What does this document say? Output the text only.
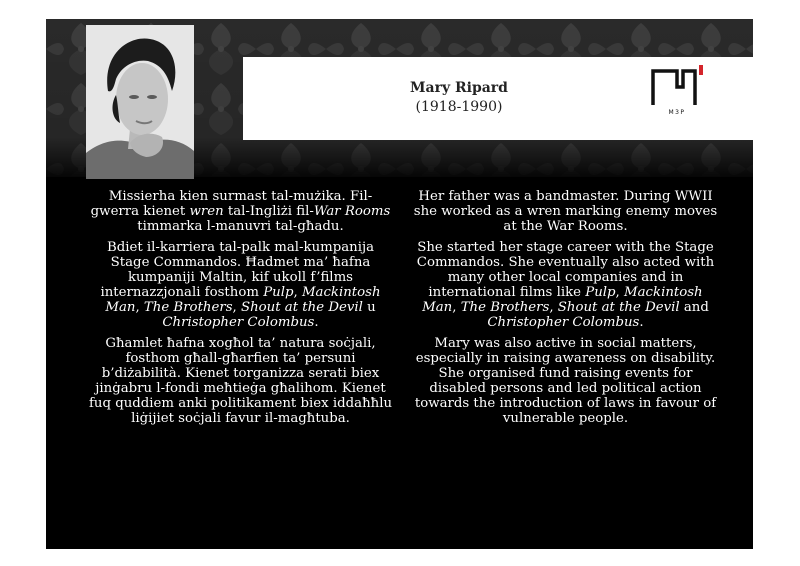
Mary Ripard
(1918-1990)	M3P

Missierha kien surmast tal-mużika. Fil-gwerra kienet wren tal-Ingliżi fil-War Rooms timmarka l-manuvri tal-għadu.

Bdiet il-karriera tal-palk mal-kumpanija Stage Commandos. Ħadmet ma’ ħafna kumpaniji Maltin, kif ukoll f’films internazzjonali fosthom Pulp, Mackintosh Man, The Brothers, Shout at the Devil u Christopher Colombus.

Għamlet ħafna xogħol ta’ natura soċjali, fosthom għall-għarfien ta’ persuni b’diżabilità. Kienet torganizza serati biex jinġabru l-fondi meħtieġa għalihom. Kienet fuq quddiem anki politikament biex iddaħħlu liġijiet soċjali favur il-magħtuba.

Her father was a bandmaster. During WWII she worked as a wren marking enemy moves at the War Rooms.

She started her stage career with the Stage Commandos. She eventually also acted with many other local companies and in international films like Pulp, Mackintosh Man, The Brothers, Shout at the Devil and Christopher Colombus.

Mary was also active in social matters, especially in raising awareness on disability. She organised fund raising events for disabled persons and led political action towards the introduction of laws in favour of vulnerable people.
